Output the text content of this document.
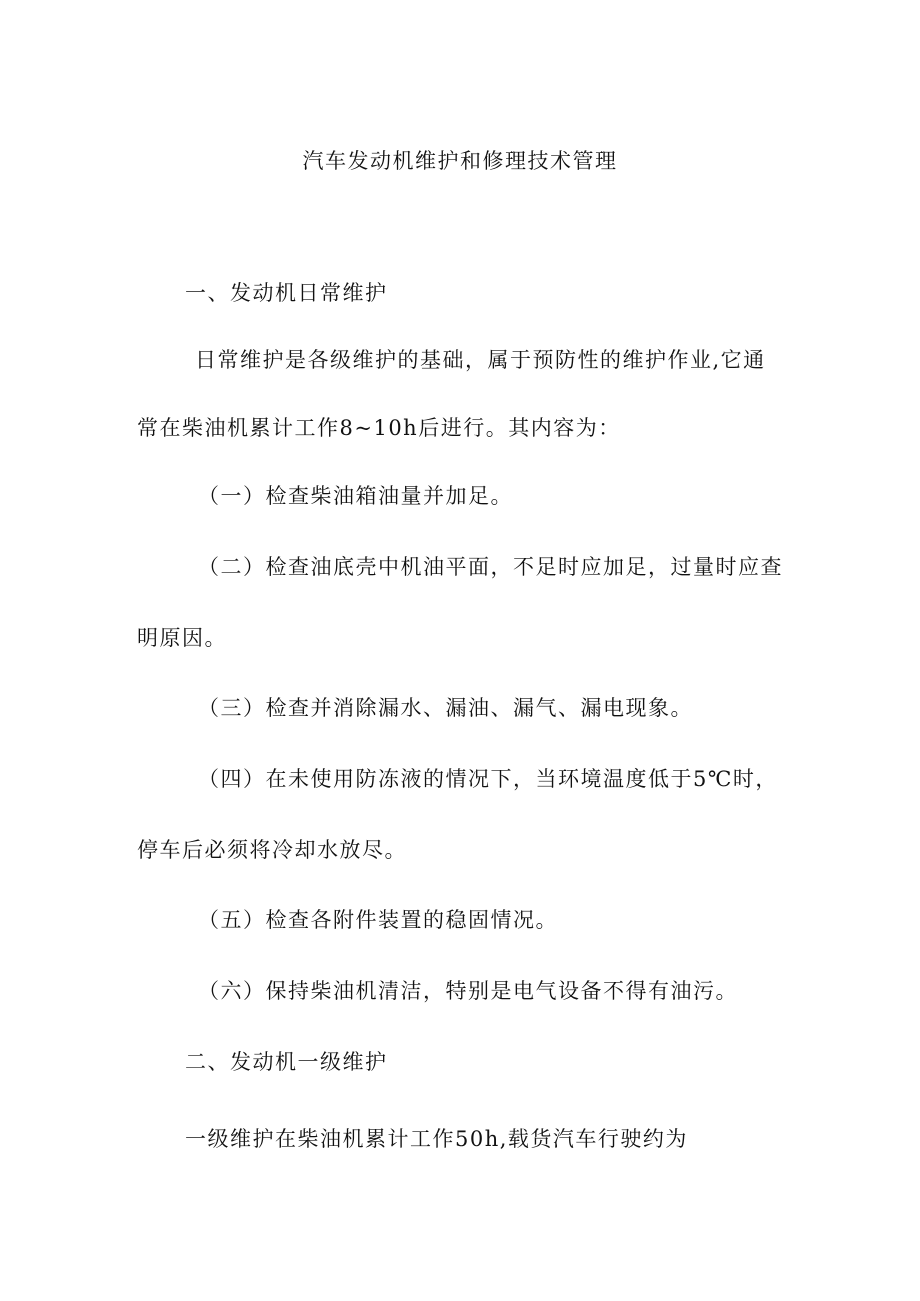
汽车发动机维护和修理技术管理
一、发动机日常维护
日常维护是各级维护的基础，属于预防性的维护作业,它通
常在柴油机累计工作8~10h后进行。其内容为：
（一）检查柴油箱油量并加足。
（二）检查油底壳中机油平面，不足时应加足，过量时应查
明原因。
（三）检查并消除漏水、漏油、漏气、漏电现象。
（四）在未使用防冻液的情况下，当环境温度低于5℃时，
停车后必须将冷却水放尽。
（五）检查各附件装置的稳固情况。
（六）保持柴油机清洁，特别是电气设备不得有油污。
二、发动机一级维护
一级维护在柴油机累计工作50h,载货汽车行驶约为
